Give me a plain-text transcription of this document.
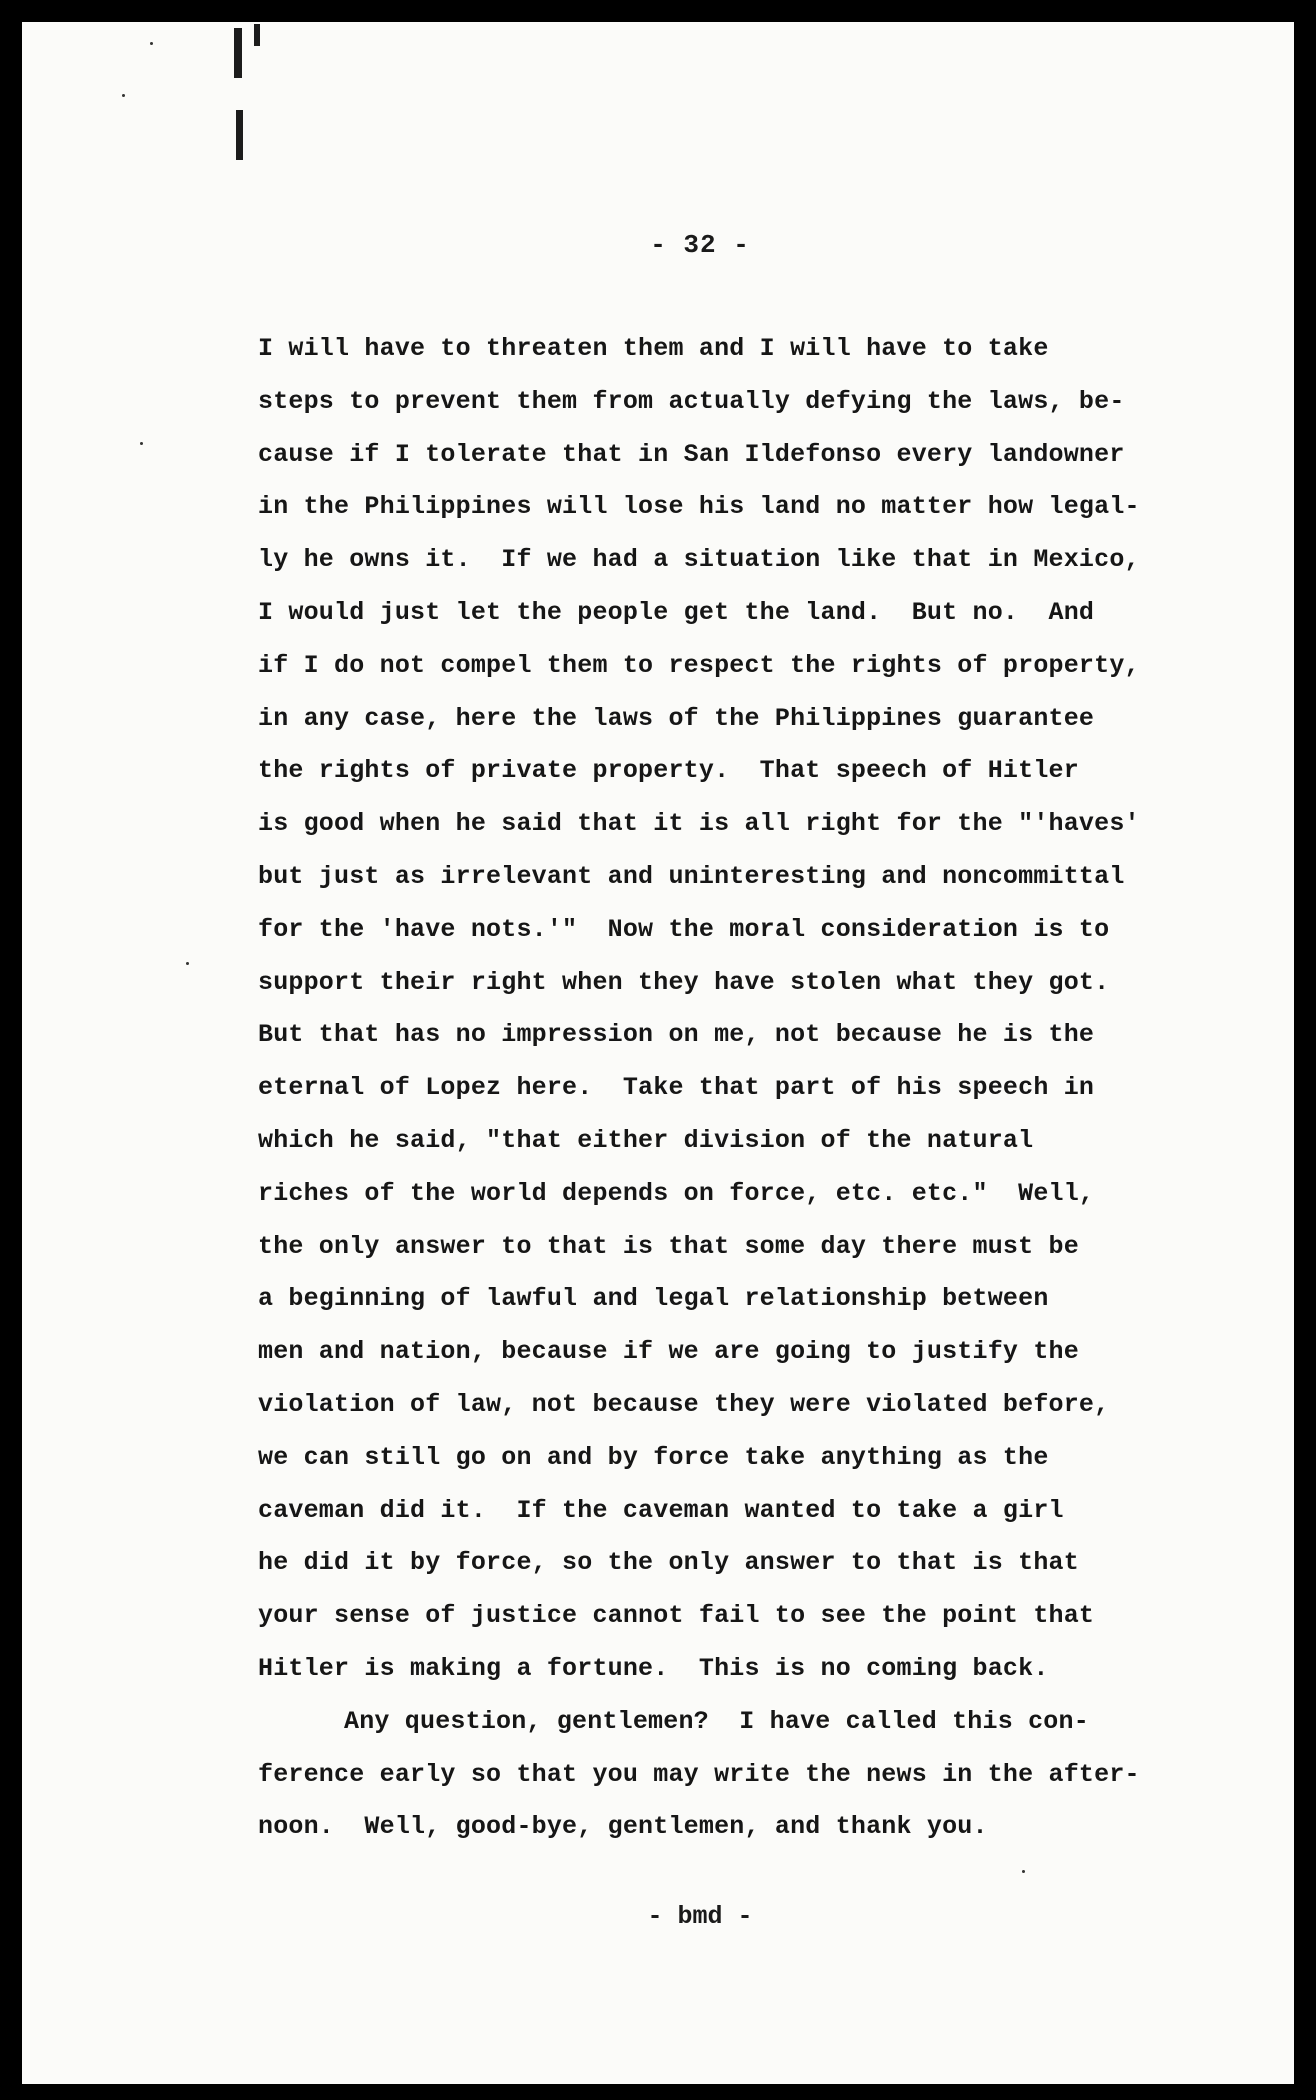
- 32 -
I will have to threaten them and I will have to take
steps to prevent them from actually defying the laws, be-
cause if I tolerate that in San Ildefonso every landowner
in the Philippines will lose his land no matter how legal-
ly he owns it.  If we had a situation like that in Mexico,
I would just let the people get the land.  But no.  And
if I do not compel them to respect the rights of property,
in any case, here the laws of the Philippines guarantee
the rights of private property.  That speech of Hitler
is good when he said that it is all right for the "'haves'
but just as irrelevant and uninteresting and noncommittal
for the 'have nots.'"  Now the moral consideration is to
support their right when they have stolen what they got.
But that has no impression on me, not because he is the
eternal of Lopez here.  Take that part of his speech in
which he said, "that either division of the natural
riches of the world depends on force, etc. etc."  Well,
the only answer to that is that some day there must be
a beginning of lawful and legal relationship between
men and nation, because if we are going to justify the
violation of law, not because they were violated before,
we can still go on and by force take anything as the
caveman did it.  If the caveman wanted to take a girl
he did it by force, so the only answer to that is that
your sense of justice cannot fail to see the point that
Hitler is making a fortune.  This is no coming back.
Any question, gentlemen?  I have called this con-
ference early so that you may write the news in the after-
noon.  Well, good-bye, gentlemen, and thank you.
- bmd -
